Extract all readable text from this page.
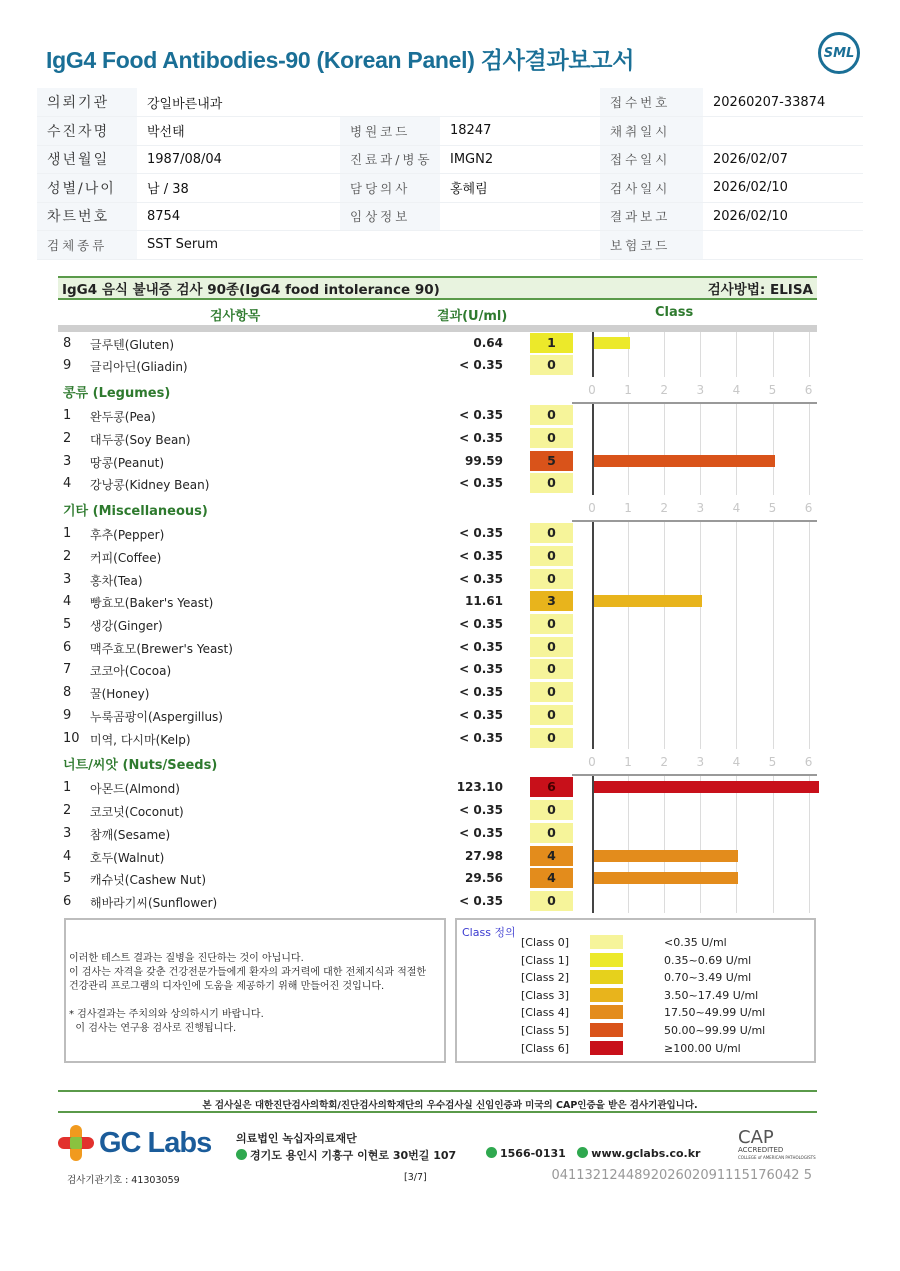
IgG4 Food Antibodies-90 (Korean Panel) 검사결과보고서	SML
의뢰기관	강일바른내과			접수번호	20260207-33874
수진자명	박선태	병원코드	18247	채취일시	
생년월일	1987/08/04	진료과/병동	IMGN2	접수일시	2026/02/07
성별/나이	남 / 38	담당의사	홍혜림	검사일시	2026/02/10
차트번호	8754	임상정보		결과보고	2026/02/10
검체종류	SST Serum			보험코드	
IgG4 음식 불내증 검사 90종(IgG4 food intolerance 90)	검사방법: ELISA
검사항목	결과(U/ml)	Class
8 글루텐(Gluten)	0.64	1
9 글리아딘(Gliadin)	< 0.35	0
콩류 (Legumes)	0 1 2 3 4 5 6
1 완두콩(Pea)	< 0.35	0
2 대두콩(Soy Bean)	< 0.35	0
3 땅콩(Peanut)	99.59	5
4 강낭콩(Kidney Bean)	< 0.35	0
기타 (Miscellaneous)	0 1 2 3 4 5 6
1 후추(Pepper)	< 0.35	0
2 커피(Coffee)	< 0.35	0
3 홍차(Tea)	< 0.35	0
4 빵효모(Baker's Yeast)	11.61	3
5 생강(Ginger)	< 0.35	0
6 맥주효모(Brewer's Yeast)	< 0.35	0
7 코코아(Cocoa)	< 0.35	0
8 꿀(Honey)	< 0.35	0
9 누룩곰팡이(Aspergillus)	< 0.35	0
10 미역, 다시마(Kelp)	< 0.35	0
너트/씨앗 (Nuts/Seeds)	0 1 2 3 4 5 6
1 아몬드(Almond)	123.10	6
2 코코넛(Coconut)	< 0.35	0
3 참깨(Sesame)	< 0.35	0
4 호두(Walnut)	27.98	4
5 캐슈넛(Cashew Nut)	29.56	4
6 해바라기씨(Sunflower)	< 0.35	0
이러한 테스트 결과는 질병을 진단하는 것이 아닙니다.
이 검사는 자격을 갖춘 건강전문가들에게 환자의 과거력에 대한 전체지식과 적절한
건강관리 프로그램의 디자인에 도움을 제공하기 위해 만들어진 것입니다.
* 검사결과는 주치의와 상의하시기 바랍니다.
이 검사는 연구용 검사로 진행됩니다.
Class 정의
[Class 0]	<0.35 U/ml
[Class 1]	0.35~0.69 U/ml
[Class 2]	0.70~3.49 U/ml
[Class 3]	3.50~17.49 U/ml
[Class 4]	17.50~49.99 U/ml
[Class 5]	50.00~99.99 U/ml
[Class 6]	≥100.00 U/ml
본 검사실은 대한진단검사의학회/진단검사의학재단의 우수검사실 신임인증과 미국의 CAP인증을 받은 검사기관입니다.
GC Labs 의료법인 녹십자의료재단
경기도 용인시 기흥구 이현로 30번길 107	1566-0131 www.gclabs.co.kr
CAP
ACCREDITED
COLLEGE of AMERICAN PATHOLOGISTS
검사기관기호 : 41303059	[3/7]	041132124489202602091115176042 5
